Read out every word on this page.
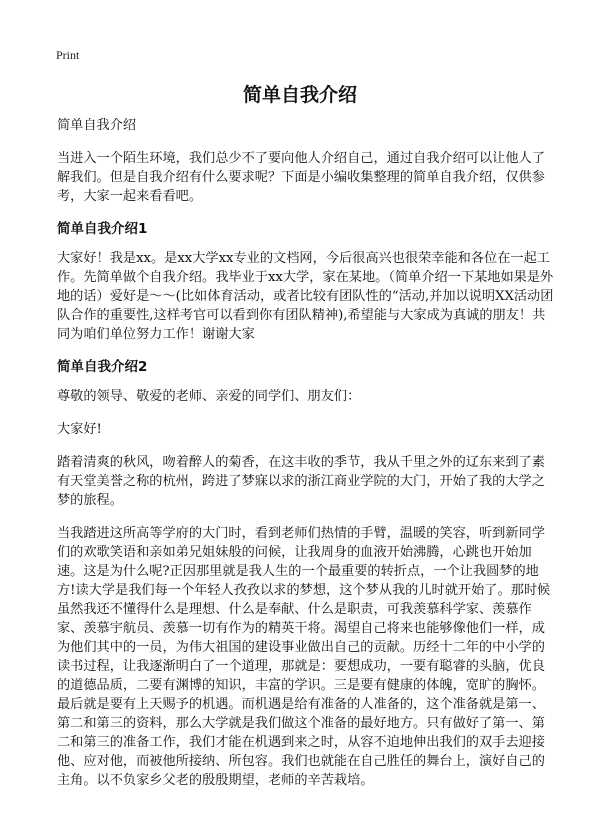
Print
简单自我介绍

简单自我介绍

当进入一个陌生环境，我们总少不了要向他人介绍自己，通过自我介绍可以让他人了解我们。但是自我介绍有什么要求呢？下面是小编收集整理的简单自我介绍，仅供参考，大家一起来看看吧。

简单自我介绍1

大家好！我是xx。是xx大学xx专业的文档网，今后很高兴也很荣幸能和各位在一起工作。先简单做个自我介绍。我毕业于xx大学，家在某地。（简单介绍一下某地如果是外地的话）爱好是～～(比如体育活动，或者比较有团队性的“活动,并加以说明XX活动团队合作的重要性,这样考官可以看到你有团队精神),希望能与大家成为真诚的朋友！共同为咱们单位努力工作！谢谢大家

简单自我介绍2

尊敬的领导、敬爱的老师、亲爱的同学们、朋友们：

大家好!

踏着清爽的秋风，吻着醉人的菊香，在这丰收的季节，我从千里之外的辽东来到了素有天堂美誉之称的杭州，跨进了梦寐以求的浙江商业学院的大门，开始了我的大学之梦的旅程。

当我踏进这所高等学府的大门时，看到老师们热情的手臂，温暖的笑容，听到新同学们的欢歌笑语和亲如弟兄姐妹般的问候，让我周身的血液开始沸腾，心跳也开始加速。这是为什么呢?正因那里就是我人生的一个最重要的转折点，一个让我圆梦的地方!读大学是我们每一个年轻人孜孜以求的梦想，这个梦从我的儿时就开始了。那时候虽然我还不懂得什么是理想、什么是奉献、什么是职责，可我羡慕科学家、羡慕作家、羡慕宇航员、羡慕一切有作为的精英干将。渴望自己将来也能够像他们一样，成为他们其中的一员，为伟大祖国的建设事业做出自己的贡献。历经十二年的中小学的读书过程，让我逐渐明白了一个道理，那就是：要想成功，一要有聪睿的头脑，优良的道德品质，二要有渊博的知识，丰富的学识。三是要有健康的体魄，宽旷的胸怀。最后就是要有上天赐予的机遇。而机遇是给有准备的人准备的，这个准备就是第一、第二和第三的资料，那么大学就是我们做这个准备的最好地方。只有做好了第一、第二和第三的准备工作，我们才能在机遇到来之时，从容不迫地伸出我们的双手去迎接他、应对他，而被他所接纳、所包容。我们也就能在自己胜任的舞台上，演好自己的主角。以不负家乡父老的殷殷期望，老师的辛苦栽培。
